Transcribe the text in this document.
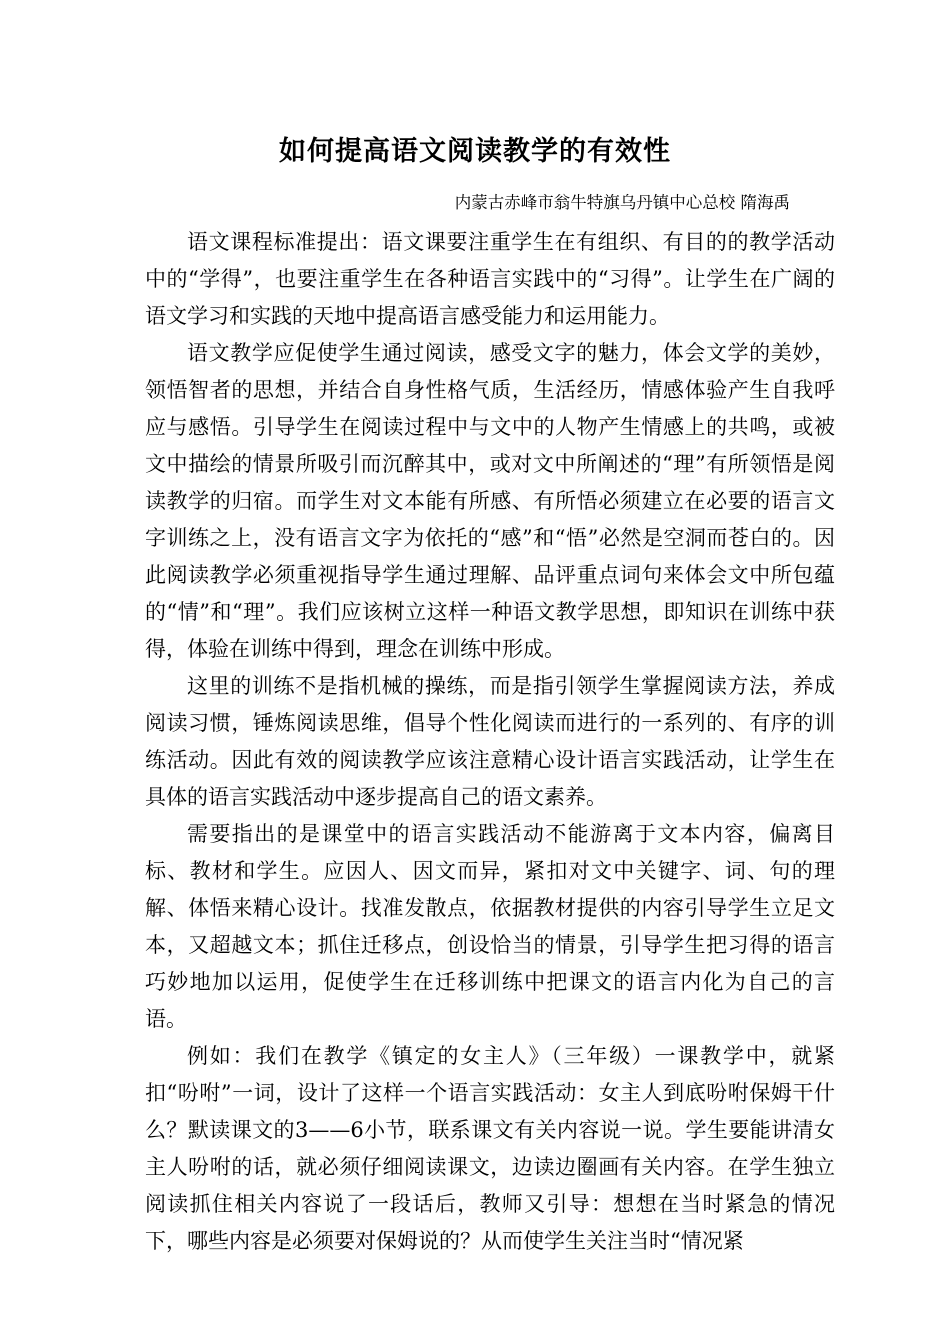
如何提高语文阅读教学的有效性
内蒙古赤峰市翁牛特旗乌丹镇中心总校 隋海禹

语文课程标准提出：语文课要注重学生在有组织、有目的的教学活动中的“学得”，也要注重学生在各种语言实践中的“习得”。让学生在广阔的语文学习和实践的天地中提高语言感受能力和运用能力。

语文教学应促使学生通过阅读，感受文字的魅力，体会文学的美妙，领悟智者的思想，并结合自身性格气质，生活经历，情感体验产生自我呼应与感悟。引导学生在阅读过程中与文中的人物产生情感上的共鸣，或被文中描绘的情景所吸引而沉醉其中，或对文中所阐述的“理”有所领悟是阅读教学的归宿。而学生对文本能有所感、有所悟必须建立在必要的语言文字训练之上，没有语言文字为依托的“感”和“悟”必然是空洞而苍白的。因此阅读教学必须重视指导学生通过理解、品评重点词句来体会文中所包蕴的“情”和“理”。我们应该树立这样一种语文教学思想，即知识在训练中获得，体验在训练中得到，理念在训练中形成。

这里的训练不是指机械的操练，而是指引领学生掌握阅读方法，养成阅读习惯，锤炼阅读思维，倡导个性化阅读而进行的一系列的、有序的训练活动。因此有效的阅读教学应该注意精心设计语言实践活动，让学生在具体的语言实践活动中逐步提高自己的语文素养。

需要指出的是课堂中的语言实践活动不能游离于文本内容，偏离目标、教材和学生。应因人、因文而异，紧扣对文中关键字、词、句的理解、体悟来精心设计。找准发散点，依据教材提供的内容引导学生立足文本，又超越文本；抓住迁移点，创设恰当的情景，引导学生把习得的语言巧妙地加以运用，促使学生在迁移训练中把课文的语言内化为自己的言语。

例如：我们在教学《镇定的女主人》（三年级）一课教学中，就紧扣“吩咐”一词，设计了这样一个语言实践活动：女主人到底吩咐保姆干什么？默读课文的3——6小节，联系课文有关内容说一说。学生要能讲清女主人吩咐的话，就必须仔细阅读课文，边读边圈画有关内容。在学生独立阅读抓住相关内容说了一段话后，教师又引导：想想在当时紧急的情况下，哪些内容是必须要对保姆说的？从而使学生关注当时“情况紧
